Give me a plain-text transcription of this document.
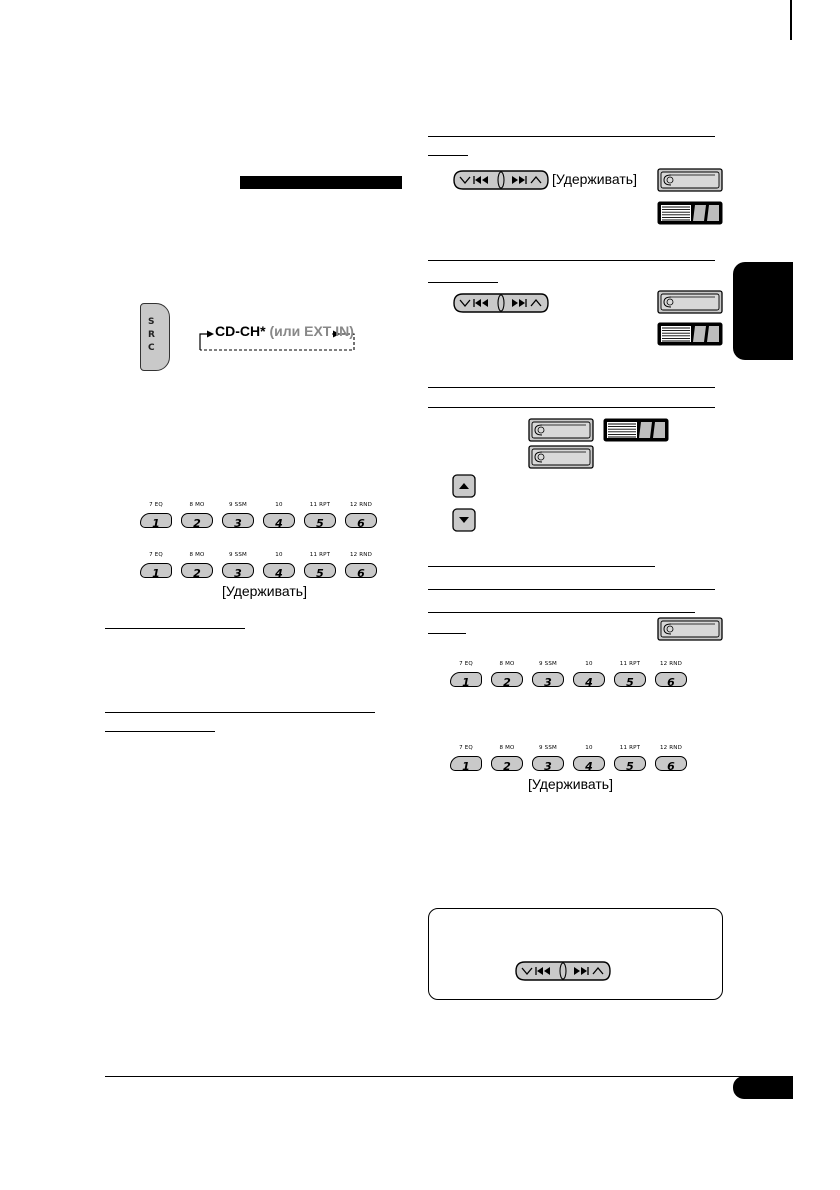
S
R
C
CD-CH* (или EXT IN)
7 EQ
1
8 MO
2
9 SSM
3
10
4
11 RPT
5
12 RND
6
7 EQ
1
8 MO
2
9 SSM
3
10
4
11 RPT
5
12 RND
6
[Удерживать]
[Удерживать]
7 EQ
1
8 MO
2
9 SSM
3
10
4
11 RPT
5
12 RND
6
7 EQ
1
8 MO
2
9 SSM
3
10
4
11 RPT
5
12 RND
6
[Удерживать]
